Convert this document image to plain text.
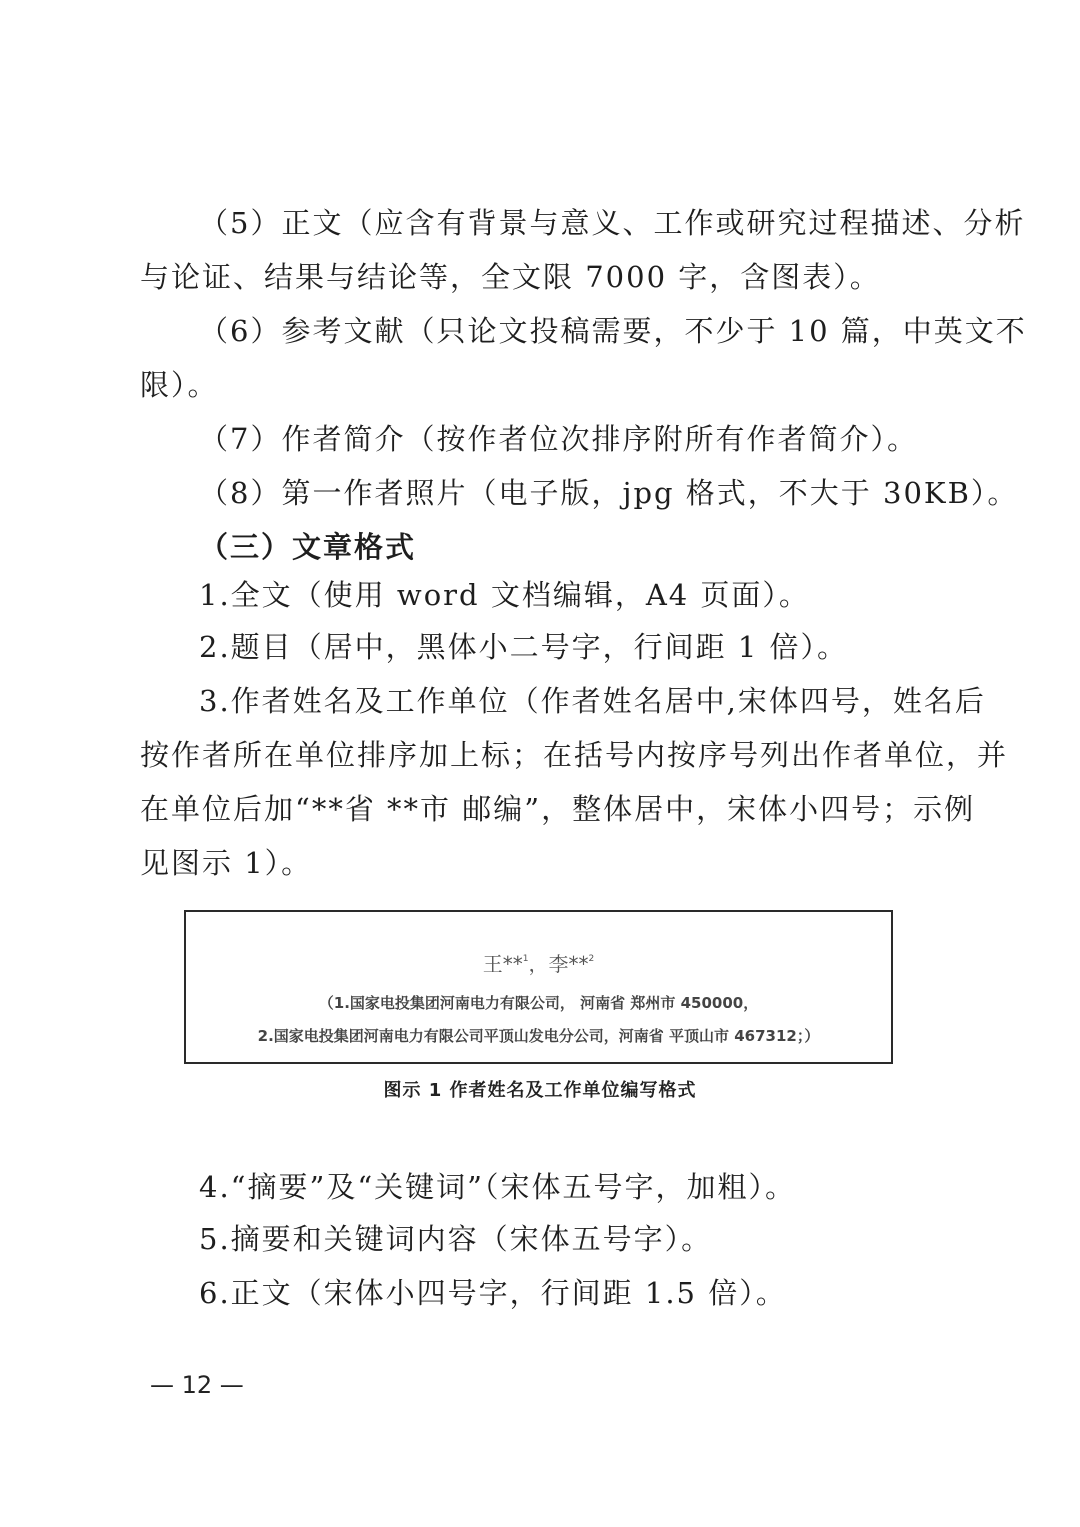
（5）正文（应含有背景与意义、工作或研究过程描述、分析
与论证、结果与结论等，全文限 7000 字，含图表）。
（6）参考文献（只论文投稿需要，不少于 10 篇，中英文不
限）。
（7）作者简介（按作者位次排序附所有作者简介）。
（8）第一作者照片（电子版，jpg 格式，不大于 30KB）。
（三）文章格式
1.全文（使用 word 文档编辑，A4 页面）。
2.题目（居中，黑体小二号字，行间距 1 倍）。
3.作者姓名及工作单位（作者姓名居中,宋体四号，姓名后
按作者所在单位排序加上标；在括号内按序号列出作者单位，并
在单位后加“**省 **市 邮编”，整体居中，宋体小四号；示例
见图示 1）。
王**$^1$，李**$^2$
（1.国家电投集团河南电力有限公司， 河南省 郑州市 450000，
2.国家电投集团河南电力有限公司平顶山发电分公司，河南省 平顶山市 467312；）
图示 1 作者姓名及工作单位编写格式
4.“摘要”及“关键词”（宋体五号字，加粗）。
5.摘要和关键词内容（宋体五号字）。
6.正文（宋体小四号字，行间距 1.5 倍）。
— 12 —
